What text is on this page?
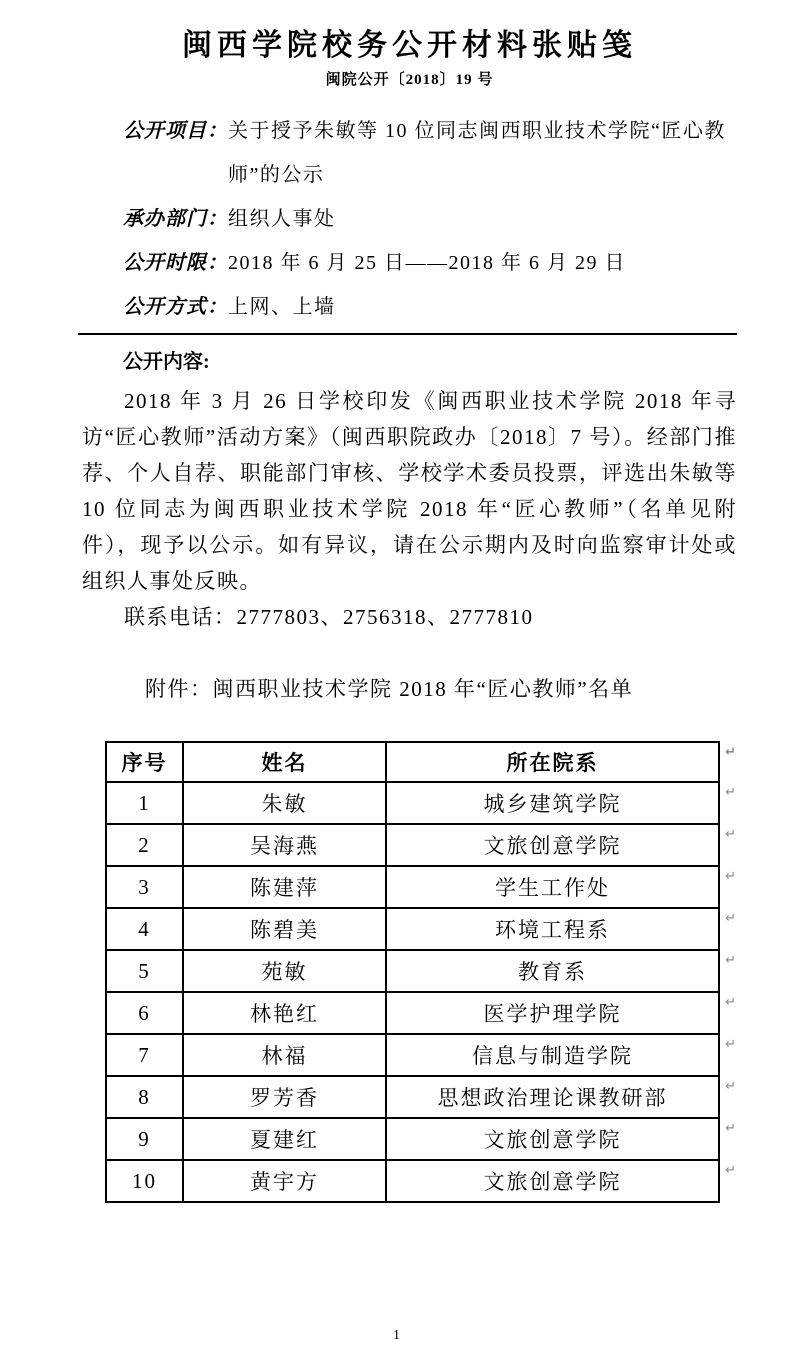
闽西学院校务公开材料张贴笺
闽院公开〔2018〕19 号
公开项目： 关于授予朱敏等 10 位同志闽西职业技术学院“匠心教师”的公示
承办部门： 组织人事处
公开时限： 2018 年 6 月 25 日——2018 年 6 月 29 日
公开方式： 上网、上墙
公开内容:
2018 年 3 月 26 日学校印发《闽西职业技术学院 2018 年寻访“匠心教师”活动方案》（闽西职院政办〔2018〕7 号）。经部门推荐、个人自荐、职能部门审核、学校学术委员投票，评选出朱敏等 10 位同志为闽西职业技术学院 2018 年“匠心教师”（名单见附件），现予以公示。如有异议，请在公示期内及时向监察审计处或组织人事处反映。
联系电话：2777803、2756318、2777810
附件：闽西职业技术学院 2018 年“匠心教师”名单
序号	姓名	所在院系 ↵

1	朱敏	城乡建筑学院 ↵

2	吴海燕	文旅创意学院 ↵

3	陈建萍	学生工作处 ↵

4	陈碧美	环境工程系 ↵

5	苑敏	教育系 ↵

6	林艳红	医学护理学院 ↵

7	林福	信息与制造学院 ↵

8	罗芳香	思想政治理论课教研部 ↵

9	夏建红	文旅创意学院 ↵

10	黄宇方	文旅创意学院 ↵
1
